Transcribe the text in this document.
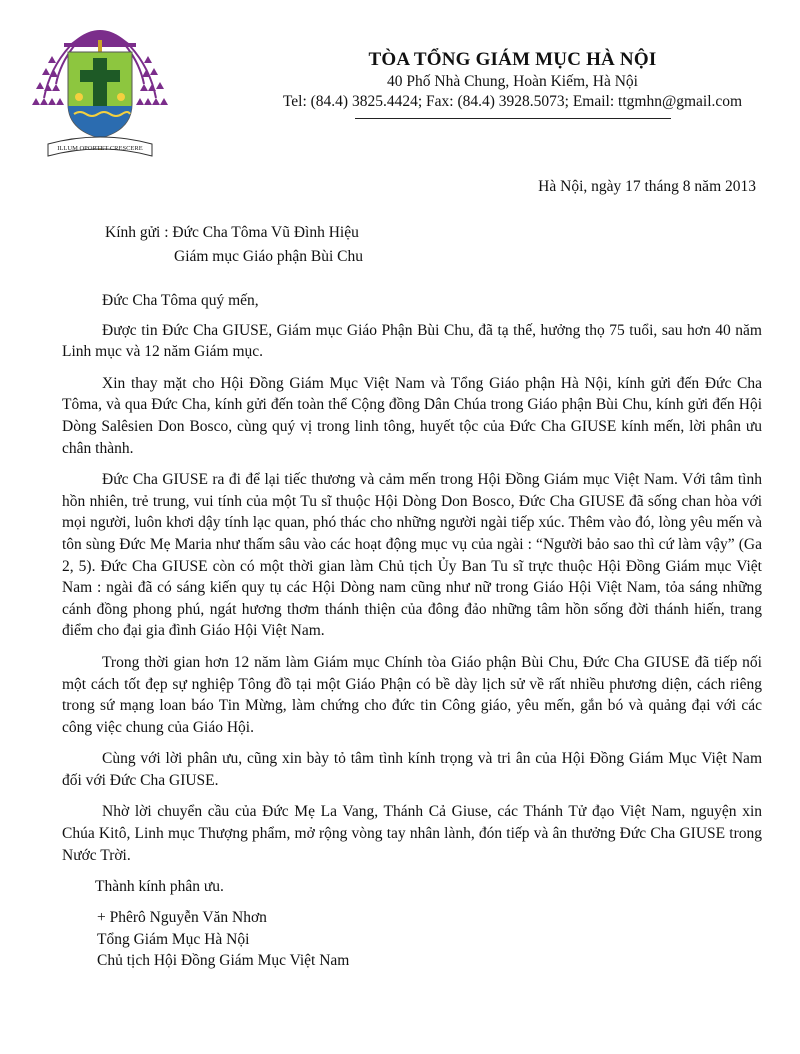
ILLUM OPORTET CRESCERE
TÒA TỔNG GIÁM MỤC HÀ NỘI
40 Phố Nhà Chung, Hoàn Kiếm, Hà Nội
Tel: (84.4) 3825.4424; Fax: (84.4) 3928.5073; Email: ttgmhn@gmail.com
Hà Nội, ngày 17 tháng 8 năm 2013
Kính gửi : Đức Cha Tôma Vũ Đình Hiệu
Giám mục Giáo phận Bùi Chu
Đức Cha Tôma quý mến,

Được tin Đức Cha GIUSE, Giám mục Giáo Phận Bùi Chu, đã tạ thế, hưởng thọ 75 tuổi, sau hơn 40 năm Linh mục và 12 năm Giám mục.

Xin thay mặt cho Hội Đồng Giám Mục Việt Nam và Tổng Giáo phận Hà Nội, kính gửi đến Đức Cha Tôma, và qua Đức Cha, kính gửi đến toàn thể Cộng đồng Dân Chúa trong Giáo phận Bùi Chu, kính gửi đến Hội Dòng Salêsien Don Bosco, cùng quý vị trong linh tông, huyết tộc của Đức Cha GIUSE kính mến, lời phân ưu chân thành.

Đức Cha GIUSE ra đi để lại tiếc thương và cảm mến trong Hội Đồng Giám mục Việt Nam. Với tâm tình hồn nhiên, trẻ trung, vui tính của một Tu sĩ thuộc Hội Dòng Don Bosco, Đức Cha GIUSE đã sống chan hòa với mọi người, luôn khơi dậy tính lạc quan, phó thác cho những người ngài tiếp xúc. Thêm vào đó, lòng yêu mến và tôn sùng Đức Mẹ Maria như thấm sâu vào các hoạt động mục vụ của ngài : “Người bảo sao thì cứ làm vậy” (Ga 2, 5). Đức Cha GIUSE còn có một thời gian làm Chủ tịch Ủy Ban Tu sĩ trực thuộc Hội Đồng Giám mục Việt Nam : ngài đã có sáng kiến quy tụ các Hội Dòng nam cũng như nữ trong Giáo Hội Việt Nam, tỏa sáng những cánh đồng phong phú, ngát hương thơm thánh thiện của đông đảo những tâm hồn sống đời thánh hiến, trang điểm cho đại gia đình Giáo Hội Việt Nam.

Trong thời gian hơn 12 năm làm Giám mục Chính tòa Giáo phận Bùi Chu, Đức Cha GIUSE đã tiếp nối một cách tốt đẹp sự nghiệp Tông đồ tại một Giáo Phận có bề dày lịch sử về rất nhiều phương diện, cách riêng trong sứ mạng loan báo Tin Mừng, làm chứng cho đức tin Công giáo, yêu mến, gắn bó và quảng đại với các công việc chung của Giáo Hội.

Cùng với lời phân ưu, cũng xin bày tỏ tâm tình kính trọng và tri ân của Hội Đồng Giám Mục Việt Nam đối với Đức Cha GIUSE.

Nhờ lời chuyển cầu của Đức Mẹ La Vang, Thánh Cả Giuse, các Thánh Tử đạo Việt Nam, nguyện xin Chúa Kitô, Linh mục Thượng phẩm, mở rộng vòng tay nhân lành, đón tiếp và ân thưởng Đức Cha GIUSE trong Nước Trời.

Thành kính phân ưu.
+ Phêrô Nguyễn Văn Nhơn
Tổng Giám Mục Hà Nội
Chủ tịch Hội Đồng Giám Mục Việt Nam
